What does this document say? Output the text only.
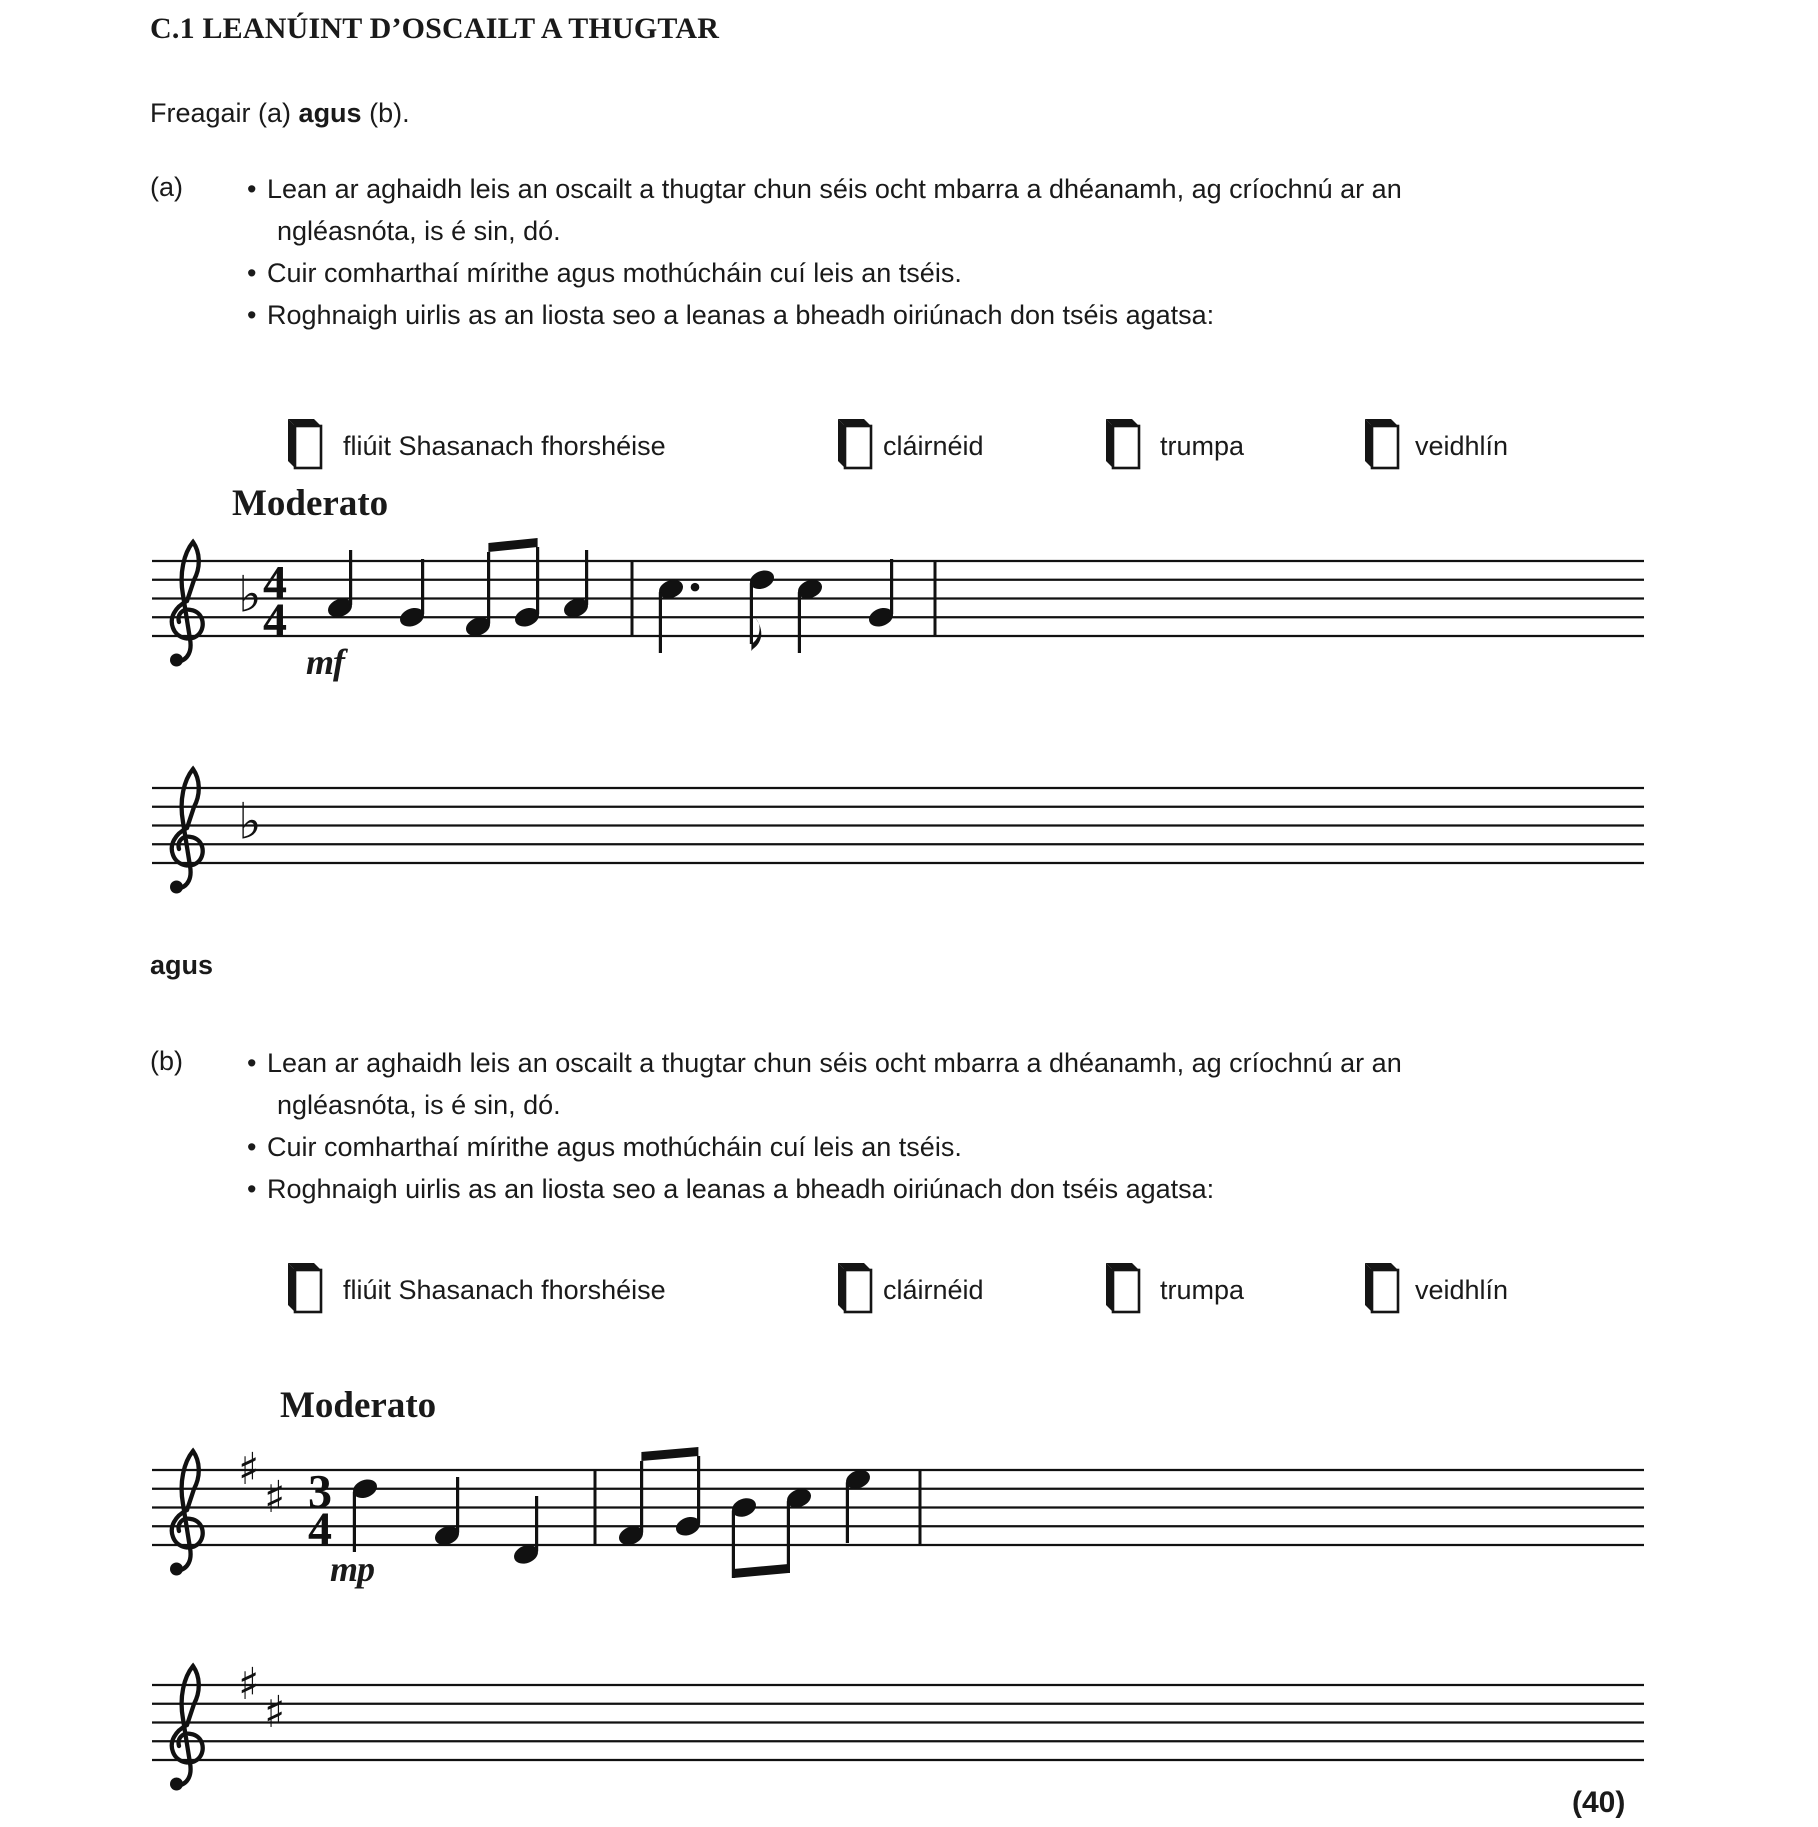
C.1 LEANÚINT D’OSCAILT A THUGTAR
Freagair (a) agus (b).
(a) • Lean ar aghaidh leis an oscailt a thugtar chun séis ocht mbarra a dhéanamh, ag críochnú ar an
ngléasnóta, is é sin, dó.
• Cuir comharthaí mírithe agus mothúcháin cuí leis an tséis.
• Roghnaigh uirlis as an liosta seo a leanas a bheadh oiriúnach don tséis agatsa:
fliúit Shasanach fhorshéise	cláirnéid	trumpa	veidhlín
Moderato
♭ 4
4
mf
♭
agus
(b) • Lean ar aghaidh leis an oscailt a thugtar chun séis ocht mbarra a dhéanamh, ag críochnú ar an
ngléasnóta, is é sin, dó.
• Cuir comharthaí mírithe agus mothúcháin cuí leis an tséis.
• Roghnaigh uirlis as an liosta seo a leanas a bheadh oiriúnach don tséis agatsa:
fliúit Shasanach fhorshéise	cláirnéid	trumpa	veidhlín
Moderato
♯
♯ 3
4
mp
♯
♯
(40)
